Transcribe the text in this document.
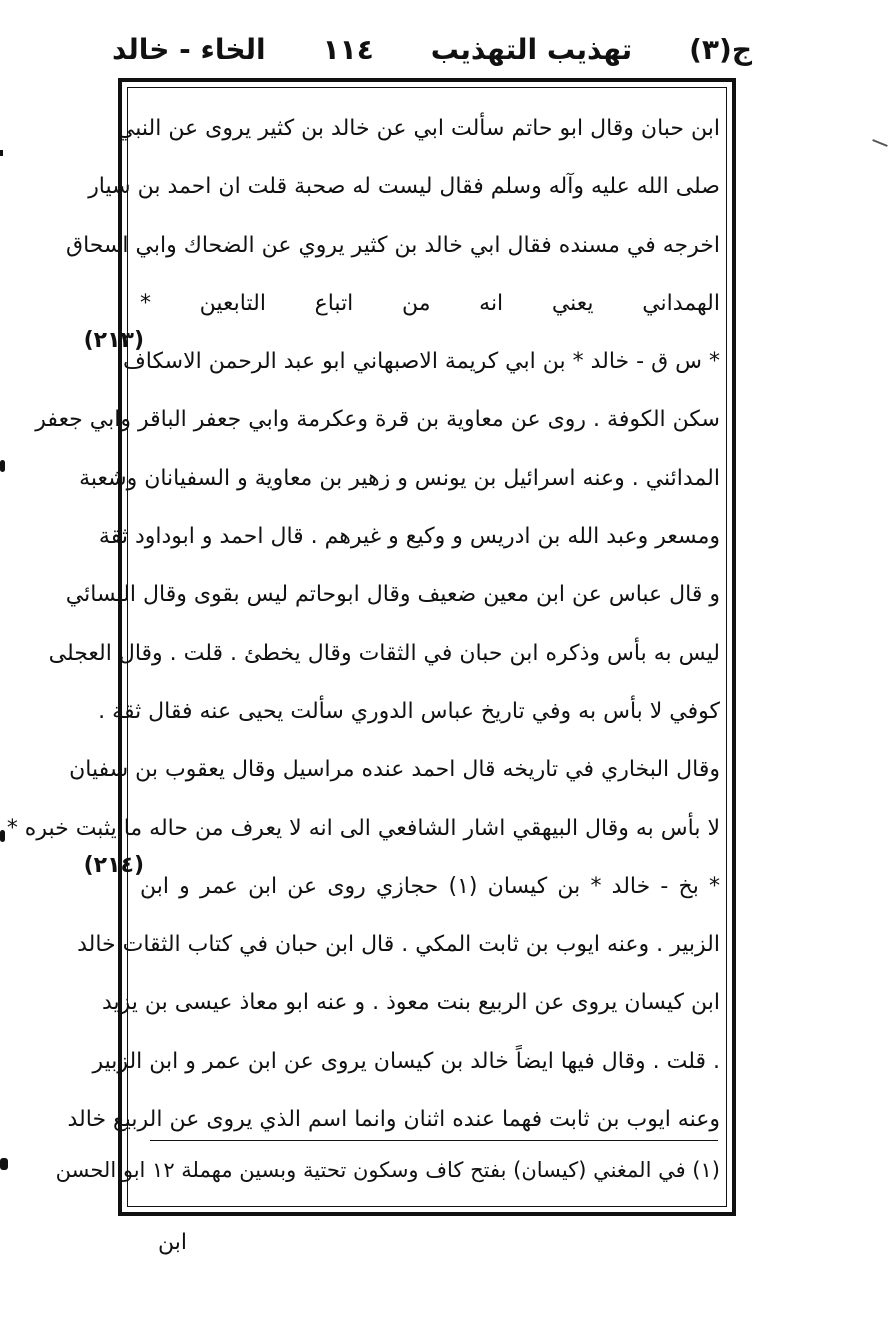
ج(٣)
تهذيب التهذيب
١١٤
الخاء - خالد
(٢١٣)
(٢١٤)
ابن حبان وقال ابو حاتم سألت ابي عن خالد بن كثير يروى عن النبي
صلى الله عليه وآله وسلم فقال ليست له صحبة قلت ان احمد بن سيار
اخرجه في مسنده فقال ابي خالد بن كثير يروي عن الضحاك وابي اسحاق
الهمداني يعني انه من اتباع التابعين *
* س ق - خالد * بن ابي كريمة الاصبهاني ابو عبد الرحمن الاسكاف
سكن الكوفة . روى عن معاوية بن قرة وعكرمة وابي جعفر الباقر وابي جعفر
المدائني . وعنه اسرائيل بن يونس و زهير بن معاوية و السفيانان وشعبة
ومسعر وعبد الله بن ادريس و وكيع و غيرهم . قال احمد و ابوداود ثقة
و قال عباس عن ابن معين ضعيف وقال ابوحاتم ليس بقوى وقال النسائي
ليس به بأس وذكره ابن حبان في الثقات وقال يخطئ . قلت . وقال العجلى
كوفي لا بأس به وفي تاريخ عباس الدوري سألت يحيى عنه فقال ثقة .
وقال البخاري في تاريخه قال احمد عنده مراسيل وقال يعقوب بن سفيان
لا بأس به وقال البيهقي اشار الشافعي الى انه لا يعرف من حاله ما يثبت خبره *
* بخ - خالد * بن كيسان (١) حجازي روى عن ابن عمر و ابن
الزبير . وعنه ايوب بن ثابت المكي . قال ابن حبان في كتاب الثقات خالد
ابن كيسان يروى عن الربيع بنت معوذ . و عنه ابو معاذ عيسى بن يزيد
. قلت . وقال فيها ايضاً خالد بن كيسان يروى عن ابن عمر و ابن الزبير
وعنه ايوب بن ثابت فهما عنده اثنان وانما اسم الذي يروى عن الربيع خالد
(١) في المغني (كيسان) بفتح كاف وسكون تحتية وبسين مهملة ١٢ ابو الحسن
ابن
